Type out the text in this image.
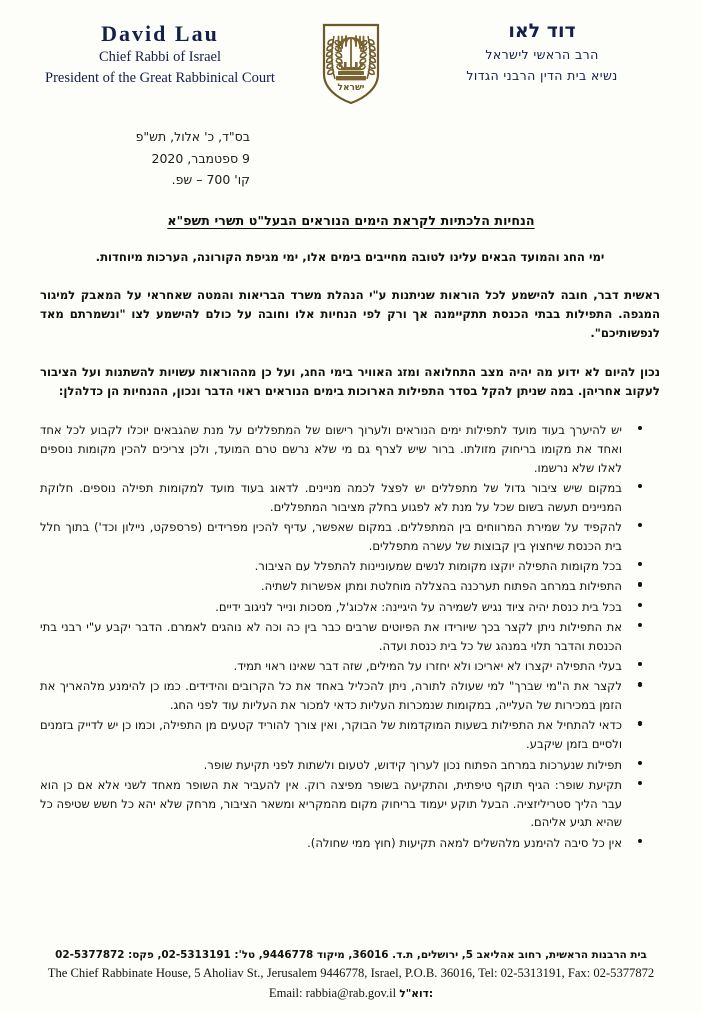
David Lau
Chief Rabbi of Israel
President of the Great Rabbinical Court
ישראל
דוד לאו
הרב הראשי לישראל
נשיא בית הדין הרבני הגדול
בס"ד, כ' אלול, תש"פ
9 ספטמבר, 2020
קו' 700 – שפ.
הנחיות הלכתיות לקראת הימים הנוראים הבעל"ט תשרי תשפ"א

ימי החג והמועד הבאים עלינו לטובה מחייבים בימים אלו, ימי מגיפת הקורונה, הערכות מיוחדות.

ראשית דבר, חובה להישמע לכל הוראות שניתנות ע"י הנהלת משרד הבריאות והמטה שאחראי על המאבק למיגור המגפה. התפילות בבתי הכנסת תתקיימנה אך ורק לפי הנחיות אלו וחובה על כולם להישמע לצו "ונשמרתם מאד לנפשותיכם".

נכון להיום לא ידוע מה יהיה מצב התחלואה ומזג האוויר בימי החג, ועל כן מההוראות עשויות להשתנות ועל הציבור לעקוב אחריהן. במה שניתן להקל בסדר התפילות הארוכות בימים הנוראים ראוי הדבר ונכון, ההנחיות הן כדלהלן:

יש להיערך בעוד מועד לתפילות ימים הנוראים ולערוך רישום של המתפללים על מנת שהגבאים יוכלו לקבוע לכל אחד ואחד את מקומו בריחוק מזולתו. ברור שיש לצרף גם מי שלא נרשם טרם המועד, ולכן צריכים להכין מקומות נוספים לאלו שלא נרשמו.
במקום שיש ציבור גדול של מתפללים יש לפצל לכמה מניינים. לדאוג בעוד מועד למקומות תפילה נוספים. חלוקת המניינים תעשה בשום שכל על מנת לא לפגוע בחלק מציבור המתפללים.
להקפיד על שמירת המרווחים בין המתפללים. במקום שאפשר, עדיף להכין מפרידים (פרספקט, ניילון וכד') בתוך חלל בית הכנסת שיחצוץ בין קבוצות של עשרה מתפללים.
בכל מקומות התפילה יוקצו מקומות לנשים שמעוניינות להתפלל עם הציבור.
התפילות במרחב הפתוח תערכנה בהצללה מוחלטת ומתן אפשרות לשתיה.
בכל בית כנסת יהיה ציוד נגיש לשמירה על היגיינה: אלכוג'ל, מסכות ונייר לניגוב ידיים.
את התפילות ניתן לקצר בכך שיורידו את הפיוטים שרבים כבר בין כה וכה לא נוהגים לאמרם. הדבר יקבע ע"י רבני בתי הכנסת והדבר תלוי במנהג של כל בית כנסת ועדה.
בעלי התפילה יקצרו לא יאריכו ולא יחזרו על המילים, שזה דבר שאינו ראוי תמיד.
לקצר את ה"מי שברך" למי שעולה לתורה, ניתן להכליל באחד את כל הקרובים והידידים. כמו כן להימנע מלהאריך את הזמן במכירות של העלייה, במקומות שנמכרות העליות כדאי למכור את העליות עוד לפני החג.
כדאי להתחיל את התפילות בשעות המוקדמות של הבוקר, ואין צורך להוריד קטעים מן התפילה, וכמו כן יש לדייק בזמנים ולסיים בזמן שיקבע.
תפילות שנערכות במרחב הפתוח נכון לערוך קידוש, לטעום ולשתות לפני תקיעת שופר.
תקיעת שופר: הגיף תוקף טיפתית, והתקיעה בשופר מפיצה רוק. אין להעביר את השופר מאחד לשני אלא אם כן הוא עבר הליך סטריליזציה. הבעל תוקע יעמוד בריחוק מקום מהמקריא ומשאר הציבור, מרחק שלא יהא כל חשש שטיפה כל שהיא תגיע אליהם.
אין כל סיבה להימנע מלהשלים למאה תקיעות (חוץ ממי שחולה).
בית הרבנות הראשית, רחוב אהליאב 5, ירושלים, ת.ד. 36016, מיקוד 9446778, טל': 02-5313191, פקס: 02-5377872
The Chief Rabbinate House, 5 Aholiav St., Jerusalem 9446778, Israel, P.O.B. 36016, Tel: 02-5313191, Fax: 02-5377872
Email: rabbia@rab.gov.il דוא"ל:
